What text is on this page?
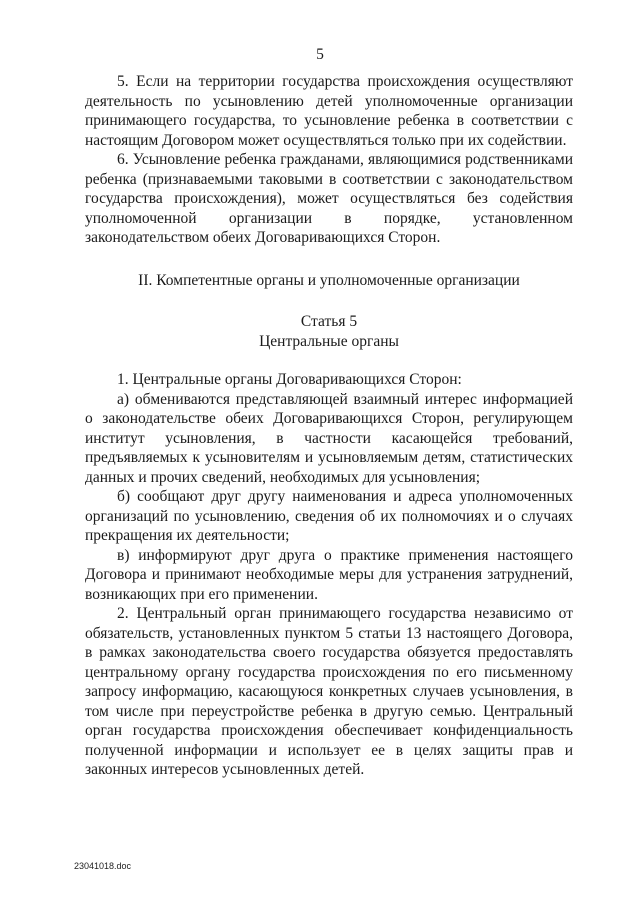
5

5. Если на территории государства происхождения осуществляют деятельность по усыновлению детей уполномоченные организации принимающего государства, то усыновление ребенка в соответствии с настоящим Договором может осуществляться только при их содействии.

6. Усыновление ребенка гражданами, являющимися родственниками ребенка (признаваемыми таковыми в соответствии с законодательством государства происхождения), может осуществляться без содействия уполномоченной организации в порядке, установленном законодательством обеих Договаривающихся Сторон.

II. Компетентные органы и уполномоченные организации

Статья 5
Центральные органы

1. Центральные органы Договаривающихся Сторон:

а) обмениваются представляющей взаимный интерес информацией о законодательстве обеих Договаривающихся Сторон, регулирующем институт усыновления, в частности касающейся требований, предъявляемых к усыновителям и усыновляемым детям, статистических данных и прочих сведений, необходимых для усыновления;

б) сообщают друг другу наименования и адреса уполномоченных организаций по усыновлению, сведения об их полномочиях и о случаях прекращения их деятельности;

в) информируют друг друга о практике применения настоящего Договора и принимают необходимые меры для устранения затруднений, возникающих при его применении.

2. Центральный орган принимающего государства независимо от обязательств, установленных пунктом 5 статьи 13 настоящего Договора, в рамках законодательства своего государства обязуется предоставлять центральному органу государства происхождения по его письменному запросу информацию, касающуюся конкретных случаев усыновления, в том числе при переустройстве ребенка в другую семью. Центральный орган государства происхождения обеспечивает конфиденциальность полученной информации и использует ее в целях защиты прав и законных интересов усыновленных детей.

23041018.doc
